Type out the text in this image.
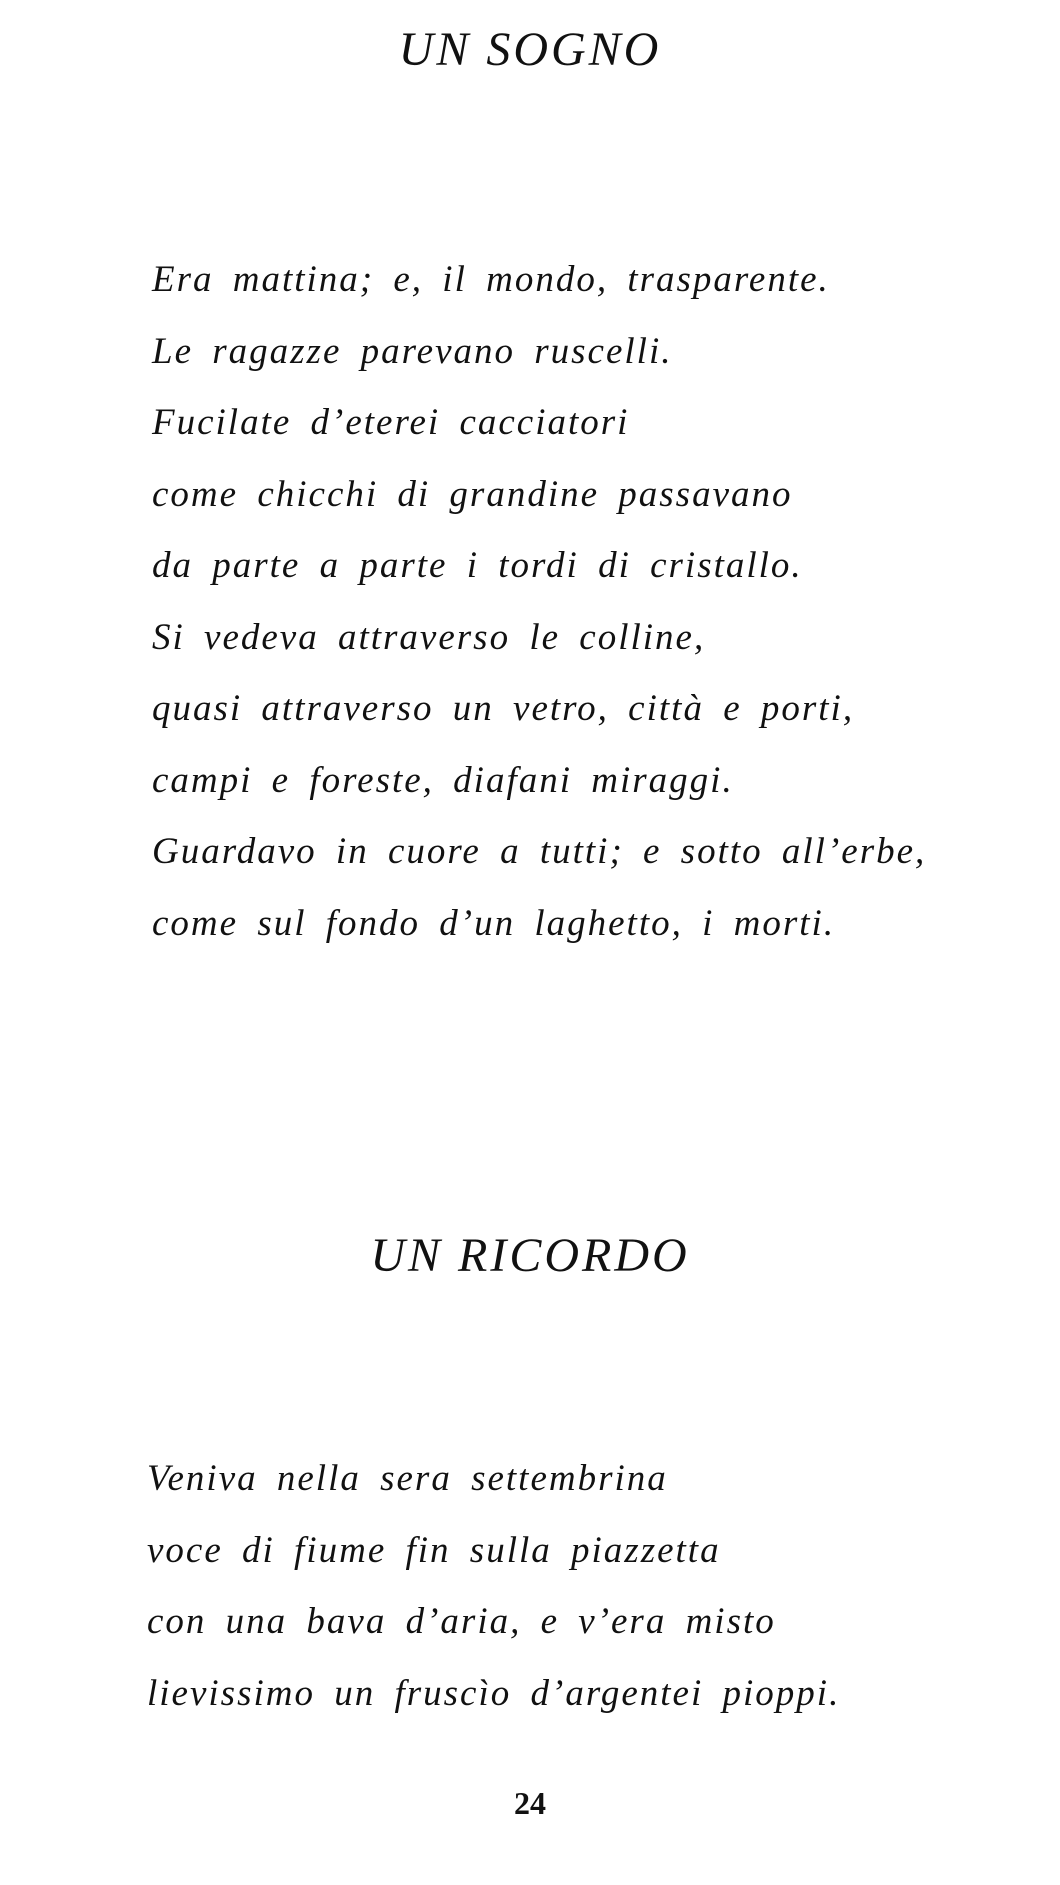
UN SOGNO
Era mattina; e, il mondo, trasparente.
Le ragazze parevano ruscelli.
Fucilate d’eterei cacciatori
come chicchi di grandine passavano
da parte a parte i tordi di cristallo.
Si vedeva attraverso le colline,
quasi attraverso un vetro, città e porti,
campi e foreste, diafani miraggi.
Guardavo in cuore a tutti; e sotto all’erbe,
come sul fondo d’un laghetto, i morti.
UN RICORDO
Veniva nella sera settembrina
voce di fiume fin sulla piazzetta
con una bava d’aria, e v’era misto
lievissimo un fruscìo d’argentei pioppi.
24
